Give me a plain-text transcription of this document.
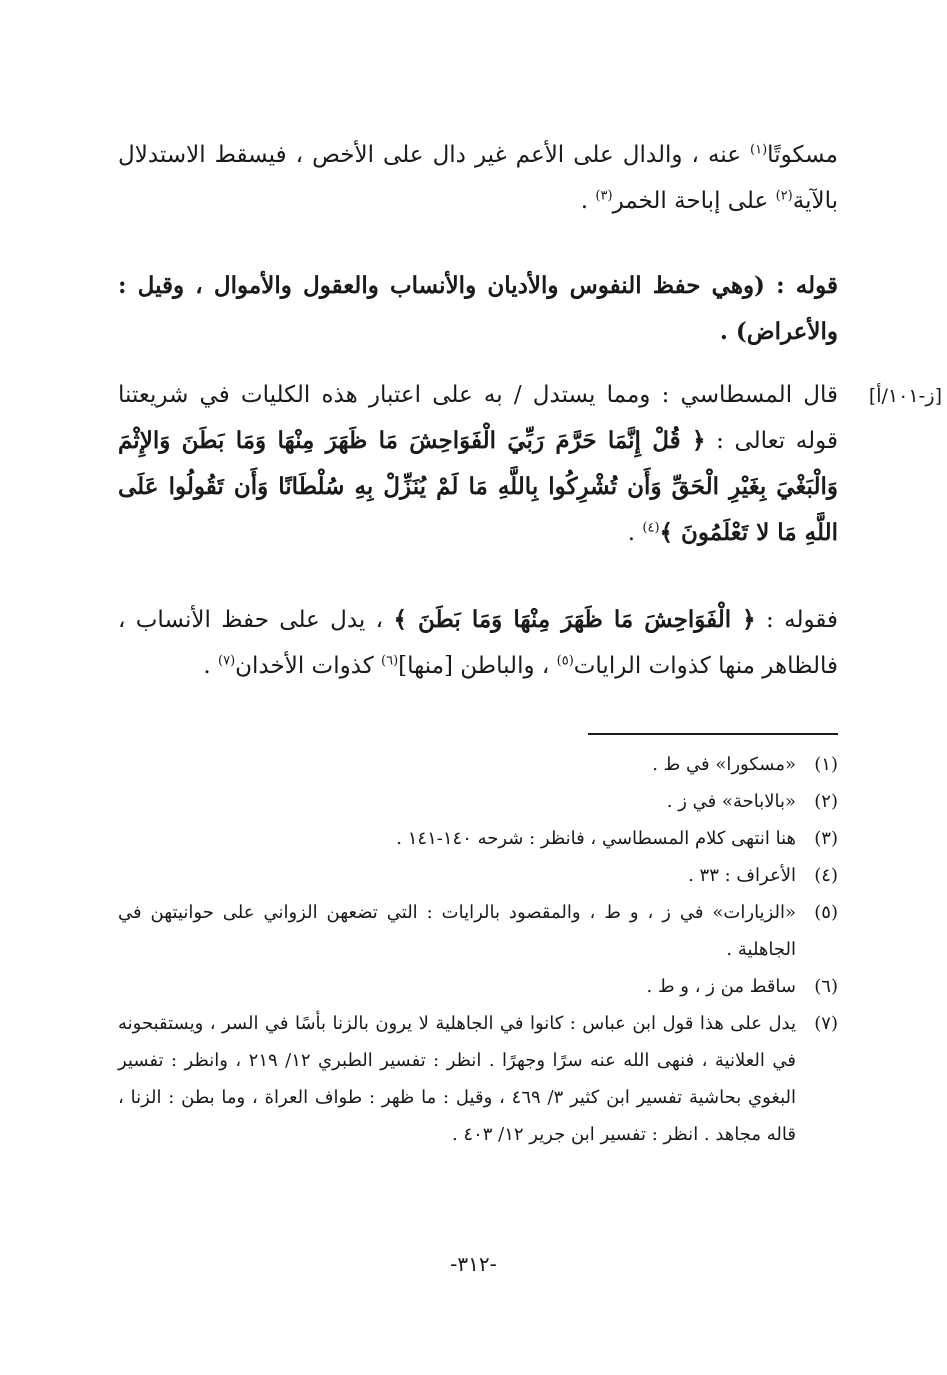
مسكوتًا$^{(١)}$ عنه ، والدال على الأعم غير دال على الأخص ، فيسقط الاستدلال بالآية$^{(٢)}$ على إباحة الخمر$^{(٣)}$ .
قوله : (وهي حفظ النفوس والأديان والأنساب والعقول والأموال ، وقيل : والأعراض) .
[ز-١٠١/أ]
قال المسطاسي : ومما يستدل / به على اعتبار هذه الكليات في شريعتنا قوله تعالى : ﴿ قُلْ إِنَّمَا حَرَّمَ رَبِّيَ الْفَوَاحِشَ مَا ظَهَرَ مِنْهَا وَمَا بَطَنَ وَالإِثْمَ وَالْبَغْيَ بِغَيْرِ الْحَقِّ وَأَن تُشْرِكُوا بِاللَّهِ مَا لَمْ يُنَزِّلْ بِهِ سُلْطَانًا وَأَن تَقُولُوا عَلَى اللَّهِ مَا لا تَعْلَمُونَ ﴾$^{(٤)}$ .
فقوله : ﴿ الْفَوَاحِشَ مَا ظَهَرَ مِنْهَا وَمَا بَطَنَ ﴾ ، يدل على حفظ الأنساب ، فالظاهر منها كذوات الرايات$^{(٥)}$ ، والباطن [منها]$^{(٦)}$ كذوات الأخدان$^{(٧)}$ .
(١)
«مسكورا» في ط .
(٢)
«بالاباحة» في ز .
(٣)
هنا انتهى كلام المسطاسي ، فانظر : شرحه ١٤٠-١٤١ .
(٤)
الأعراف : ٣٣ .
(٥)
«الزيارات» في ز ، و ط ، والمقصود بالرايات : التي تضعهن الزواني على حوانيتهن في الجاهلية .
(٦)
ساقط من ز ، و ط .
(٧)
يدل على هذا قول ابن عباس : كانوا في الجاهلية لا يرون بالزنا بأسًا في السر ، ويستقبحونه في العلانية ، فنهى الله عنه سرًا وجهرًا . انظر : تفسير الطبري ١٢/ ٢١٩ ، وانظر : تفسير البغوي بحاشية تفسير ابن كثير ٣/ ٤٦٩ ، وقيل : ما ظهر : طواف العراة ، وما بطن : الزنا ، قاله مجاهد . انظر : تفسير ابن جرير ١٢/ ٤٠٣ .
-٣١٢-
